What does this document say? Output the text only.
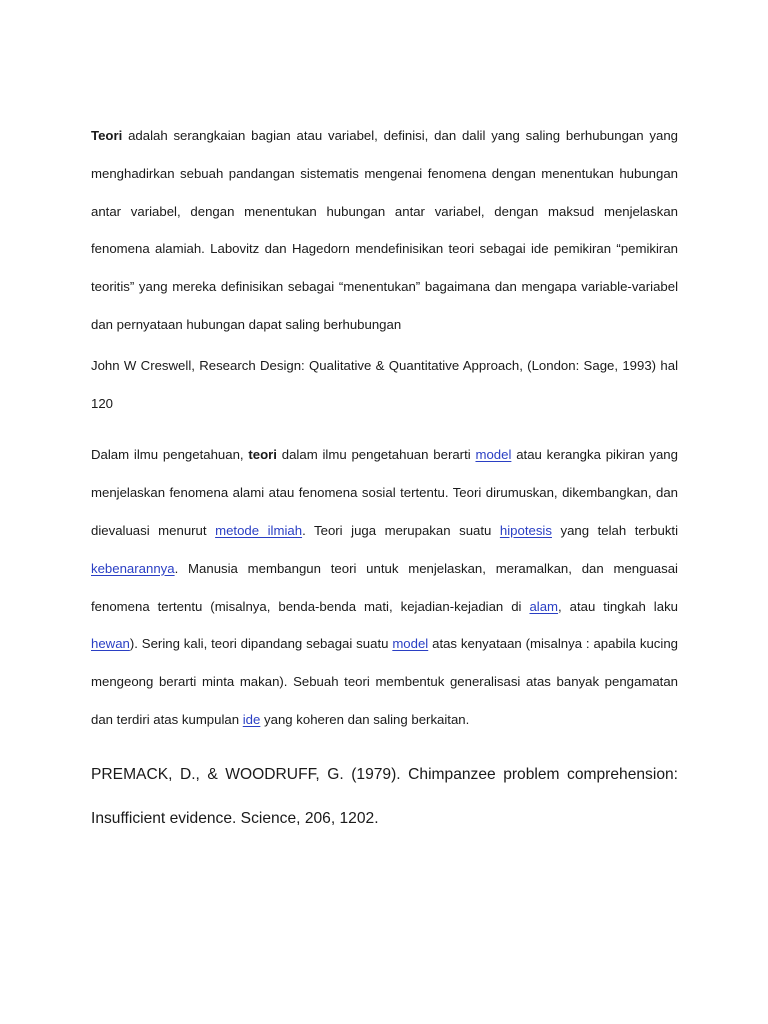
Teori adalah serangkaian bagian atau variabel, definisi, dan dalil yang saling berhubungan yang menghadirkan sebuah pandangan sistematis mengenai fenomena dengan menentukan hubungan antar variabel, dengan menentukan hubungan antar variabel, dengan maksud menjelaskan fenomena alamiah. Labovitz dan Hagedorn mendefinisikan teori sebagai ide pemikiran “pemikiran teoritis” yang mereka definisikan sebagai “menentukan” bagaimana dan mengapa variable-variabel dan pernyataan hubungan dapat saling berhubungan

John W Creswell, Research Design: Qualitative & Quantitative Approach, (London: Sage, 1993) hal 120

Dalam ilmu pengetahuan, teori dalam ilmu pengetahuan berarti model atau kerangka pikiran yang menjelaskan fenomena alami atau fenomena sosial tertentu. Teori dirumuskan, dikembangkan, dan dievaluasi menurut metode ilmiah. Teori juga merupakan suatu hipotesis yang telah terbukti kebenarannya. Manusia membangun teori untuk menjelaskan, meramalkan, dan menguasai fenomena tertentu (misalnya, benda-benda mati, kejadian-kejadian di alam, atau tingkah laku hewan). Sering kali, teori dipandang sebagai suatu model atas kenyataan (misalnya : apabila kucing mengeong berarti minta makan). Sebuah teori membentuk generalisasi atas banyak pengamatan dan terdiri atas kumpulan ide yang koheren dan saling berkaitan.

PREMACK, D., & WOODRUFF, G. (1979). Chimpanzee problem comprehension: Insufficient evidence. Science, 206, 1202.
